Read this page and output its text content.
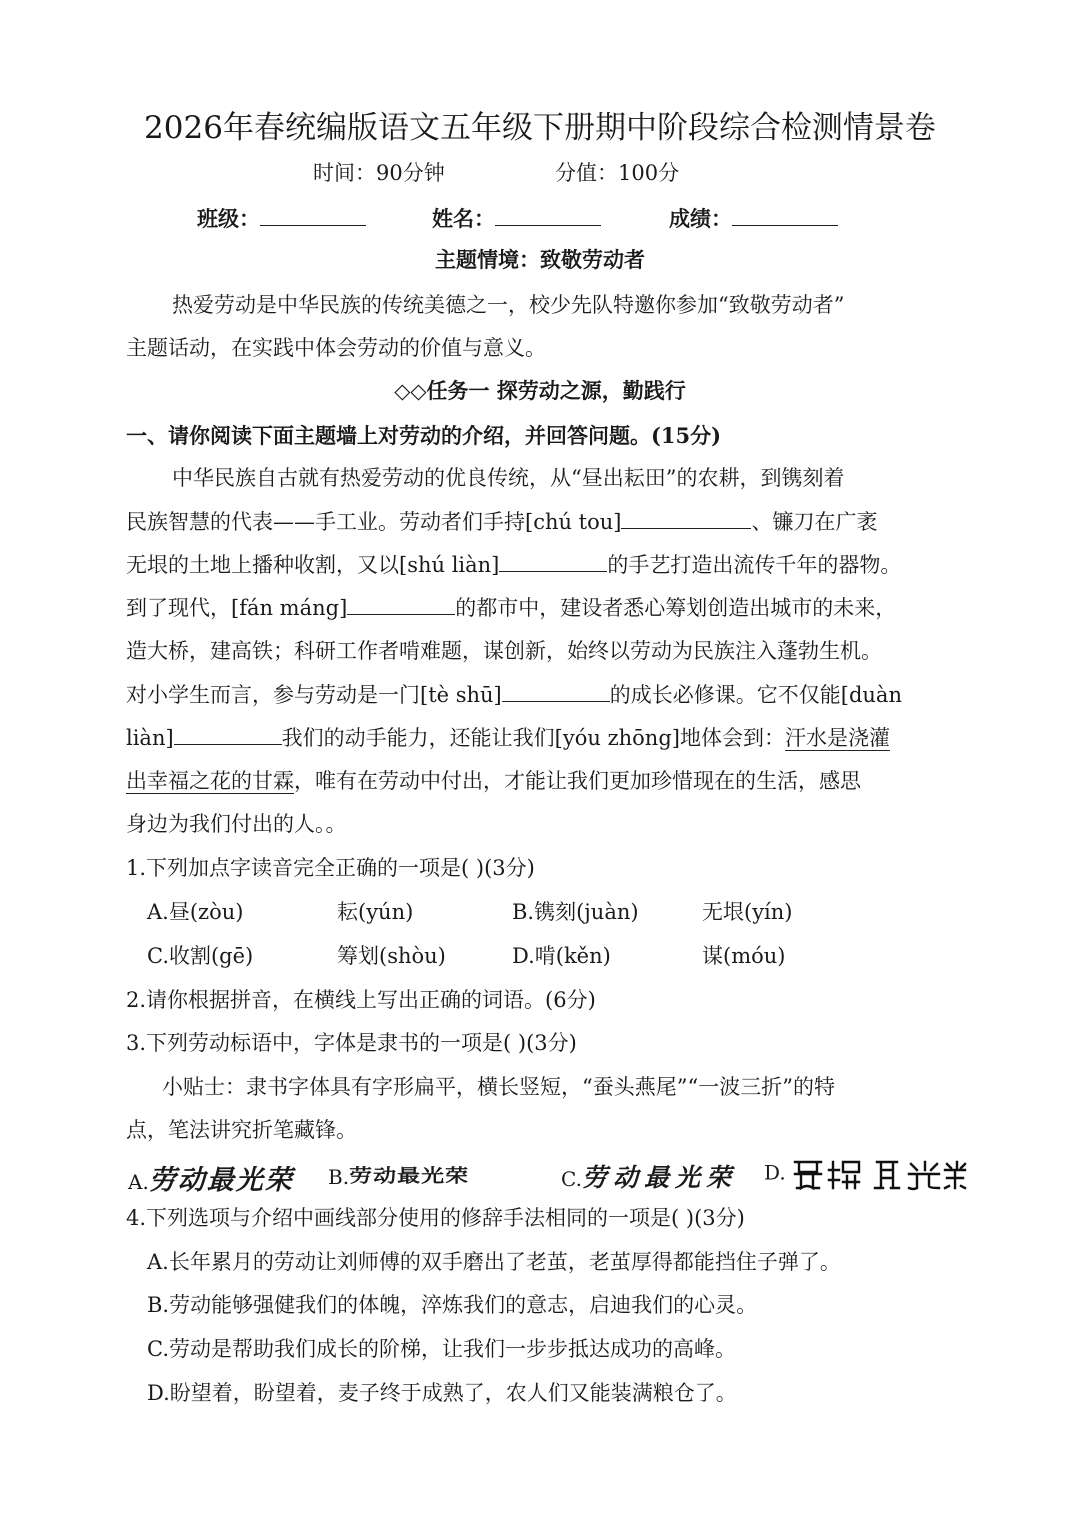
2026年春统编版语文五年级下册期中阶段综合检测情景卷
时间：90分钟	分值：100分
班级：	姓名：	成绩：
主题情境：致敬劳动者
热爱劳动是中华民族的传统美德之一，校少先队特邀你参加“致敬劳动者”
主题话动，在实践中体会劳动的价值与意义。
◇◇任务一 探劳动之源，勤践行
一、请你阅读下面主题墙上对劳动的介绍，并回答问题。(15分)
中华民族自古就有热爱劳动的优良传统，从“昼出耘田”的农耕，到镌刻着
民族智慧的代表——手工业。劳动者们手持[chú tou]	、镰刀在广袤
无垠的土地上播种收割，又以[shú liàn]	的手艺打造出流传千年的器物。
到了现代，[fán máng]	的都市中，建设者悉心筹划创造出城市的未来，
造大桥，建高铁；科研工作者啃难题，谋创新，始终以劳动为民族注入蓬勃生机。
对小学生而言，参与劳动是一门[tè shū]	的成长必修课。它不仅能[duàn
liàn]	我们的动手能力，还能让我们[yóu zhōng]地体会到：汗水是浇灌
出幸福之花的甘霖，唯有在劳动中付出，才能让我们更加珍惜现在的生活，感思
身边为我们付出的人。。
1.下列加点字读音完全正确的一项是( )(3分)
A.昼(zòu)	耘(yún)	B.镌刻(juàn)	无垠(yín)
C.收割(gē)	筹划(shòu)	D.啃(kěn)	谋(móu)
2.请你根据拼音，在横线上写出正确的词语。(6分)
3.下列劳动标语中，字体是隶书的一项是( )(3分)
小贴士：隶书字体具有字形扁平，横长竖短，“蚕头燕尾”“一波三折”的特
点，笔法讲究折笔藏锋。
A.劳动最光荣 B.劳动最光荣	C.劳动最光荣 D.
4.下列选项与介绍中画线部分使用的修辞手法相同的一项是( )(3分)
A.长年累月的劳动让刘师傅的双手磨出了老茧，老茧厚得都能挡住子弹了。
B.劳动能够强健我们的体魄，淬炼我们的意志，启迪我们的心灵。
C.劳动是帮助我们成长的阶梯，让我们一步步抵达成功的高峰。
D.盼望着，盼望着，麦子终于成熟了，农人们又能装满粮仓了。
